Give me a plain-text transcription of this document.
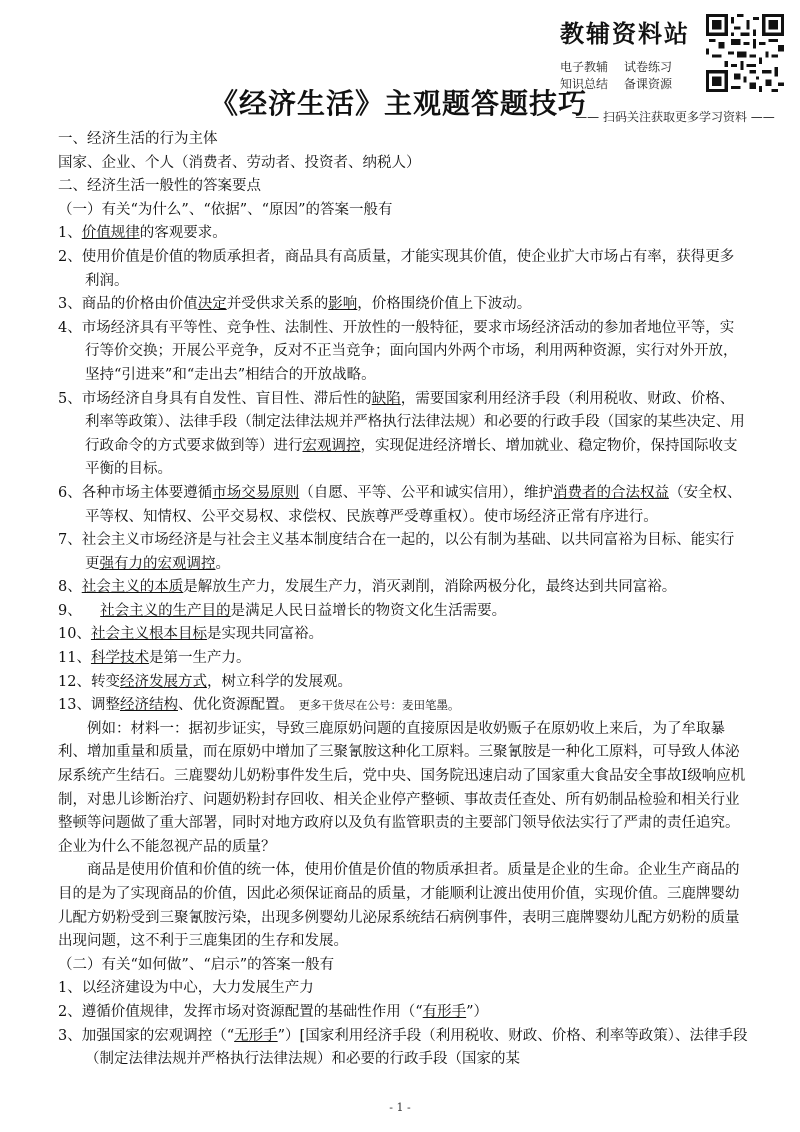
教辅资料站
电子教辅 试卷练习
知识总结 备课资源
—— 扫码关注获取更多学习资料 ——
《经济生活》主观题答题技巧

一、经济生活的行为主体

国家、企业、个人（消费者、劳动者、投资者、纳税人）

二、经济生活一般性的答案要点

（一）有关“为什么”、“依据”、“原因”的答案一般有

1、价值规律的客观要求。

2、使用价值是价值的物质承担者，商品具有高质量，才能实现其价值，使企业扩大市场占有率，获得更多利润。

3、商品的价格由价值决定并受供求关系的影响，价格围绕价值上下波动。

4、市场经济具有平等性、竞争性、法制性、开放性的一般特征，要求市场经济活动的参加者地位平等，实行等价交换；开展公平竞争，反对不正当竞争；面向国内外两个市场，利用两种资源，实行对外开放，坚持“引进来”和“走出去”相结合的开放战略。

5、市场经济自身具有自发性、盲目性、滞后性的缺陷，需要国家利用经济手段（利用税收、财政、价格、利率等政策）、法律手段（制定法律法规并严格执行法律法规）和必要的行政手段（国家的某些决定、用行政命令的方式要求做到等）进行宏观调控，实现促进经济增长、增加就业、稳定物价，保持国际收支平衡的目标。

6、各种市场主体要遵循市场交易原则（自愿、平等、公平和诚实信用），维护消费者的合法权益（安全权、平等权、知情权、公平交易权、求偿权、民族尊严受尊重权）。使市场经济正常有序进行。

7、社会主义市场经济是与社会主义基本制度结合在一起的，以公有制为基础、以共同富裕为目标、能实行更强有力的宏观调控。

8、社会主义的本质是解放生产力，发展生产力，消灭剥削，消除两极分化，最终达到共同富裕。

9、 社会主义的生产目的是满足人民日益增长的物资文化生活需要。

10、社会主义根本目标是实现共同富裕。

11、科学技术是第一生产力。

12、转变经济发展方式，树立科学的发展观。

13、调整经济结构、优化资源配置。 更多干货尽在公号：麦田笔墨。

例如：材料一：据初步证实，导致三鹿原奶问题的直接原因是收奶贩子在原奶收上来后，为了牟取暴利、增加重量和质量，而在原奶中增加了三聚氰胺这种化工原料。三聚氰胺是一种化工原料，可导致人体泌尿系统产生结石。三鹿婴幼儿奶粉事件发生后，党中央、国务院迅速启动了国家重大食品安全事故Ⅰ级响应机制，对患儿诊断治疗、问题奶粉封存回收、相关企业停产整顿、事故责任查处、所有奶制品检验和相关行业整顿等问题做了重大部署，同时对地方政府以及负有监管职责的主要部门领导依法实行了严肃的责任追究。

企业为什么不能忽视产品的质量？

商品是使用价值和价值的统一体，使用价值是价值的物质承担者。质量是企业的生命。企业生产商品的目的是为了实现商品的价值，因此必须保证商品的质量，才能顺利让渡出使用价值，实现价值。三鹿牌婴幼儿配方奶粉受到三聚氰胺污染，出现多例婴幼儿泌尿系统结石病例事件，表明三鹿牌婴幼儿配方奶粉的质量出现问题，这不利于三鹿集团的生存和发展。

（二）有关“如何做”、“启示”的答案一般有

1、以经济建设为中心，大力发展生产力

2、遵循价值规律，发挥市场对资源配置的基础性作用（“有形手”）

3、加强国家的宏观调控（“无形手”）[国家利用经济手段（利用税收、财政、价格、利率等政策）、法律手段（制定法律法规并严格执行法律法规）和必要的行政手段（国家的某

- 1 -
